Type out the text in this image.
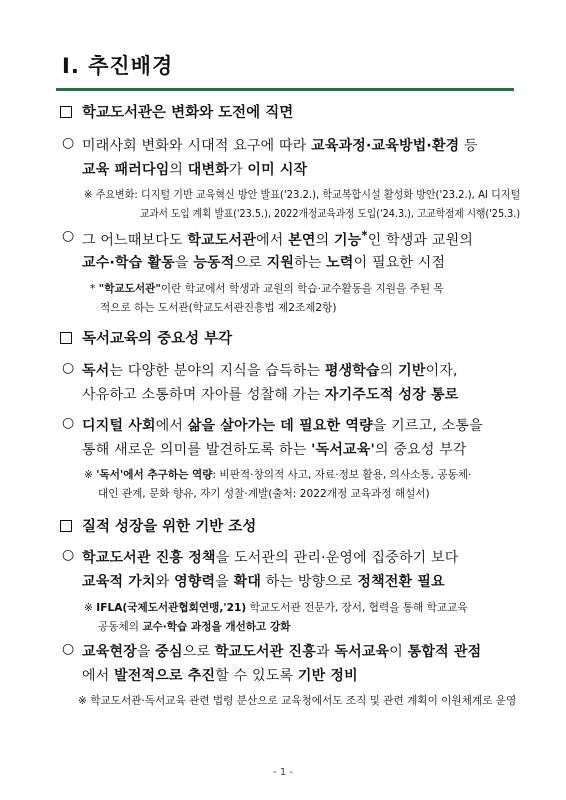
Ⅰ. 추진배경
학교도서관은 변화와 도전에 직면
○ 미래사회 변화와 시대적 요구에 따라 교육과정·교육방법·환경 등
교육 패러다임의 대변화가 이미 시작
※ 주요변화: 디지털 기반 교육혁신 방안 발표('23.2.), 학교복합시설 활성화 방안('23.2.), AI 디지털
교과서 도입 계획 발표('23.5.), 2022개정교육과정 도입('24.3.), 고교학점제 시행('25.3.)
○ 그 어느때보다도 학교도서관에서 본연의 기능*인 학생과 교원의
교수·학습 활동을 능동적으로 지원하는 노력이 필요한 시점
* "학교도서관"이란 학교에서 학생과 교원의 학습·교수활동을 지원을 주된 목
적으로 하는 도서관(학교도서관진흥법 제2조제2항)
독서교육의 중요성 부각
○ 독서는 다양한 분야의 지식을 습득하는 평생학습의 기반이자,
사유하고 소통하며 자아를 성찰해 가는 자기주도적 성장 통로
○ 디지털 사회에서 삶을 살아가는 데 필요한 역량을 기르고, 소통을
통해 새로운 의미를 발견하도록 하는 '독서교육'의 중요성 부각
※ '독서'에서 추구하는 역량: 비판적·창의적 사고, 자료·정보 활용, 의사소통, 공동체·
대인 관계, 문화 향유, 자기 성찰·계발(출처: 2022개정 교육과정 해설서)
질적 성장을 위한 기반 조성
○ 학교도서관 진흥 정책을 도서관의 관리·운영에 집중하기 보다
교육적 가치와 영향력을 확대 하는 방향으로 정책전환 필요
※ IFLA(국제도서관협회연맹,'21) 학교도서관 전문가, 장서, 협력을 통해 학교교육
공동체의 교수·학습 과정을 개선하고 강화
○ 교육현장을 중심으로 학교도서관 진흥과 독서교육이 통합적 관점
에서 발전적으로 추진할 수 있도록 기반 정비
※ 학교도서관·독서교육 관련 법령 분산으로 교육청에서도 조직 및 관련 계획이 이원체계로 운영
- 1 -
